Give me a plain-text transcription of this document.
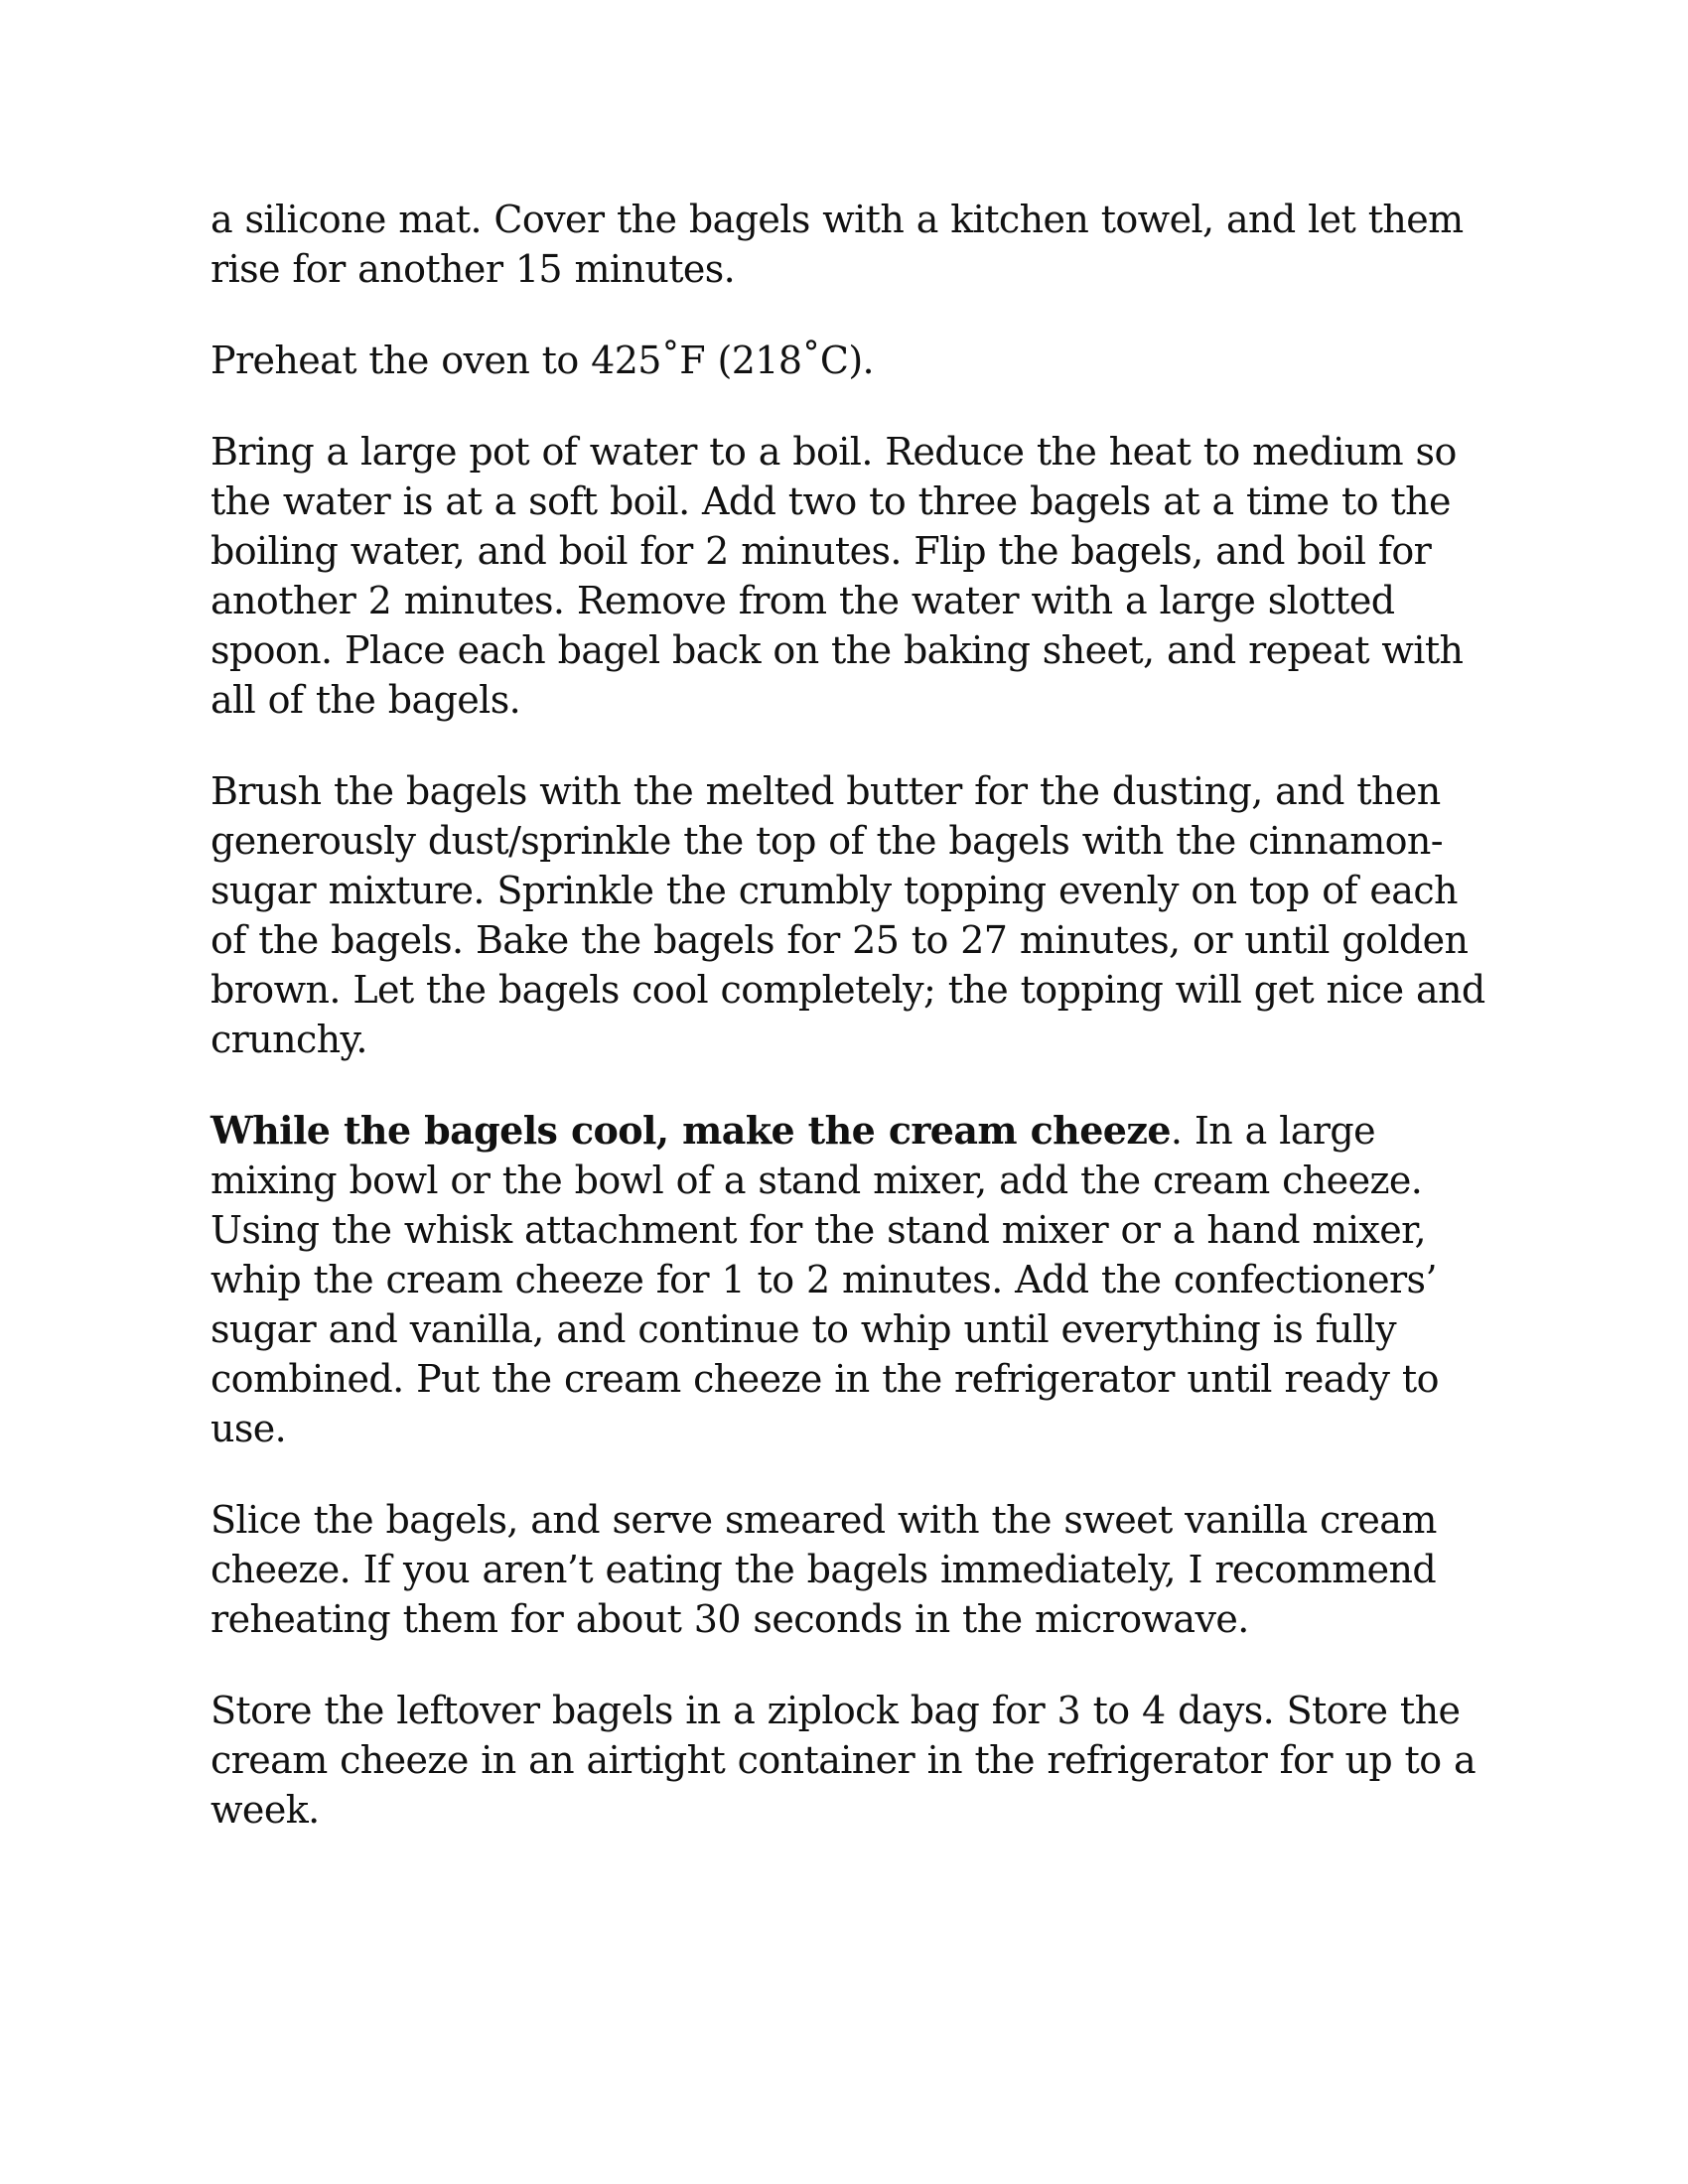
a silicone mat. Cover the bagels with a kitchen towel, and let them rise for another 15 minutes.

Preheat the oven to 425˚F (218˚C).

Bring a large pot of water to a boil. Reduce the heat to medium so the water is at a soft boil. Add two to three bagels at a time to the boiling water, and boil for 2 minutes. Flip the bagels, and boil for another 2 minutes. Remove from the water with a large slotted spoon. Place each bagel back on the baking sheet, and repeat with all of the bagels.

Brush the bagels with the melted butter for the dusting, and then generously dust/sprinkle the top of the bagels with the cinnamon-sugar mixture. Sprinkle the crumbly topping evenly on top of each of the bagels. Bake the bagels for 25 to 27 minutes, or until golden brown. Let the bagels cool completely; the topping will get nice and crunchy.

While the bagels cool, make the cream cheeze. In a large mixing bowl or the bowl of a stand mixer, add the cream cheeze. Using the whisk attachment for the stand mixer or a hand mixer, whip the cream cheeze for 1 to 2 minutes. Add the confectioners’ sugar and vanilla, and continue to whip until everything is fully combined. Put the cream cheeze in the refrigerator until ready to use.

Slice the bagels, and serve smeared with the sweet vanilla cream cheeze. If you aren’t eating the bagels immediately, I recommend reheating them for about 30 seconds in the microwave.

Store the leftover bagels in a ziplock bag for 3 to 4 days. Store the cream cheeze in an airtight container in the refrigerator for up to a week.
